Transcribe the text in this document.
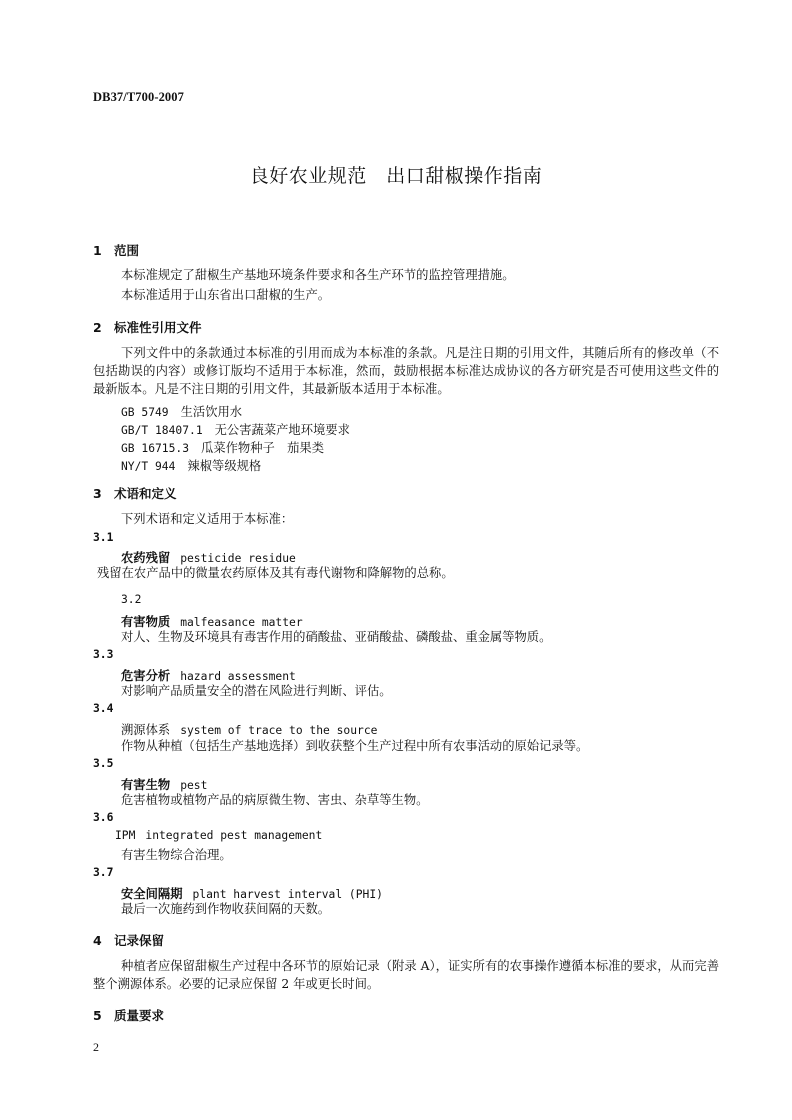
DB37/T700-2007
良好农业规范　出口甜椒操作指南
1 范围
本标准规定了甜椒生产基地环境条件要求和各生产环节的监控管理措施。
本标准适用于山东省出口甜椒的生产。
2 标准性引用文件
下列文件中的条款通过本标准的引用而成为本标准的条款。凡是注日期的引用文件，其随后所有的修改单（不包括勘误的内容）或修订版均不适用于本标准，然而，鼓励根据本标准达成协议的各方研究是否可使用这些文件的最新版本。凡是不注日期的引用文件，其最新版本适用于本标准。
GB 5749 生活饮用水
GB/T 18407.1 无公害蔬菜产地环境要求
GB 16715.3 瓜菜作物种子　茄果类
NY/T 944 辣椒等级规格
3 术语和定义
下列术语和定义适用于本标准：
3.1
农药残留 pesticide residue
残留在农产品中的微量农药原体及其有毒代谢物和降解物的总称。
3.2
有害物质 malfeasance matter
对人、生物及环境具有毒害作用的硝酸盐、亚硝酸盐、磷酸盐、重金属等物质。
3.3
危害分析 hazard assessment
对影响产品质量安全的潜在风险进行判断、评估。
3.4
溯源体系 system of trace to the source
作物从种植（包括生产基地选择）到收获整个生产过程中所有农事活动的原始记录等。
3.5
有害生物 pest
危害植物或植物产品的病原微生物、害虫、杂草等生物。
3.6
IPM integrated pest management
有害生物综合治理。
3.7
安全间隔期 plant harvest interval (PHI)
最后一次施药到作物收获间隔的天数。
4 记录保留
种植者应保留甜椒生产过程中各环节的原始记录（附录 A），证实所有的农事操作遵循本标准的要求，从而完善整个溯源体系。必要的记录应保留 2 年或更长时间。
5 质量要求
2
